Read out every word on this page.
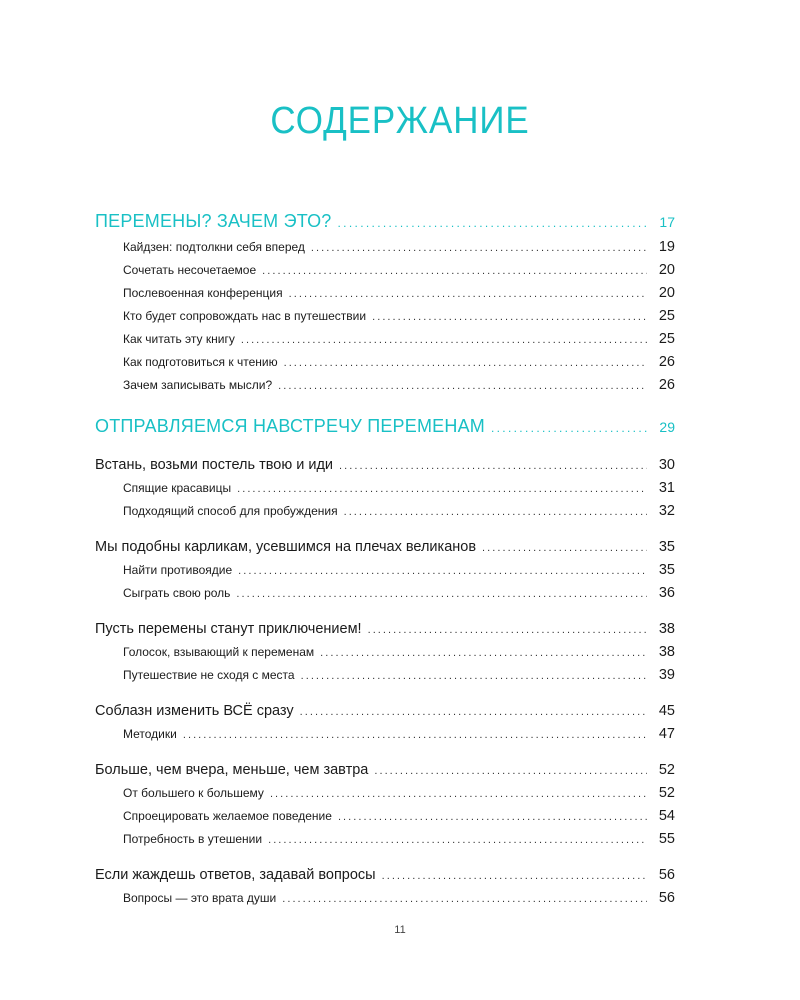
СОДЕРЖАНИЕ
ПЕРЕМЕНЫ? ЗАЧЕМ ЭТО? . . .	17
Кайдзен: подтолкни себя вперед . . .	19
Сочетать несочетаемое . . .	20
Послевоенная конференция . . .	20
Кто будет сопровождать нас в путешествии . . .	25
Как читать эту книгу . . .	25
Как подготовиться к чтению . . .	26
Зачем записывать мысли? . . .	26
ОТПРАВЛЯЕМСЯ НАВСТРЕЧУ ПЕРЕМЕНАМ . . .	29
Встань, возьми постель твою и иди . . .	30
Спящие красавицы . . .	31
Подходящий способ для пробуждения . . .	32
Мы подобны карликам, усевшимся на плечах великанов . . .	35
Найти противоядие . . .	35
Сыграть свою роль . . .	36
Пусть перемены станут приключением! . . .	38
Голосок, взывающий к переменам . . .	38
Путешествие не сходя с места . . .	39
Соблазн изменить ВСЁ сразу . . .	45
Методики . . .	47
Больше, чем вчера, меньше, чем завтра . . .	52
От большего к большему . . .	52
Спроецировать желаемое поведение . . .	54
Потребность в утешении . . .	55
Если жаждешь ответов, задавай вопросы . . .	56
Вопросы — это врата души . . .	56
11
